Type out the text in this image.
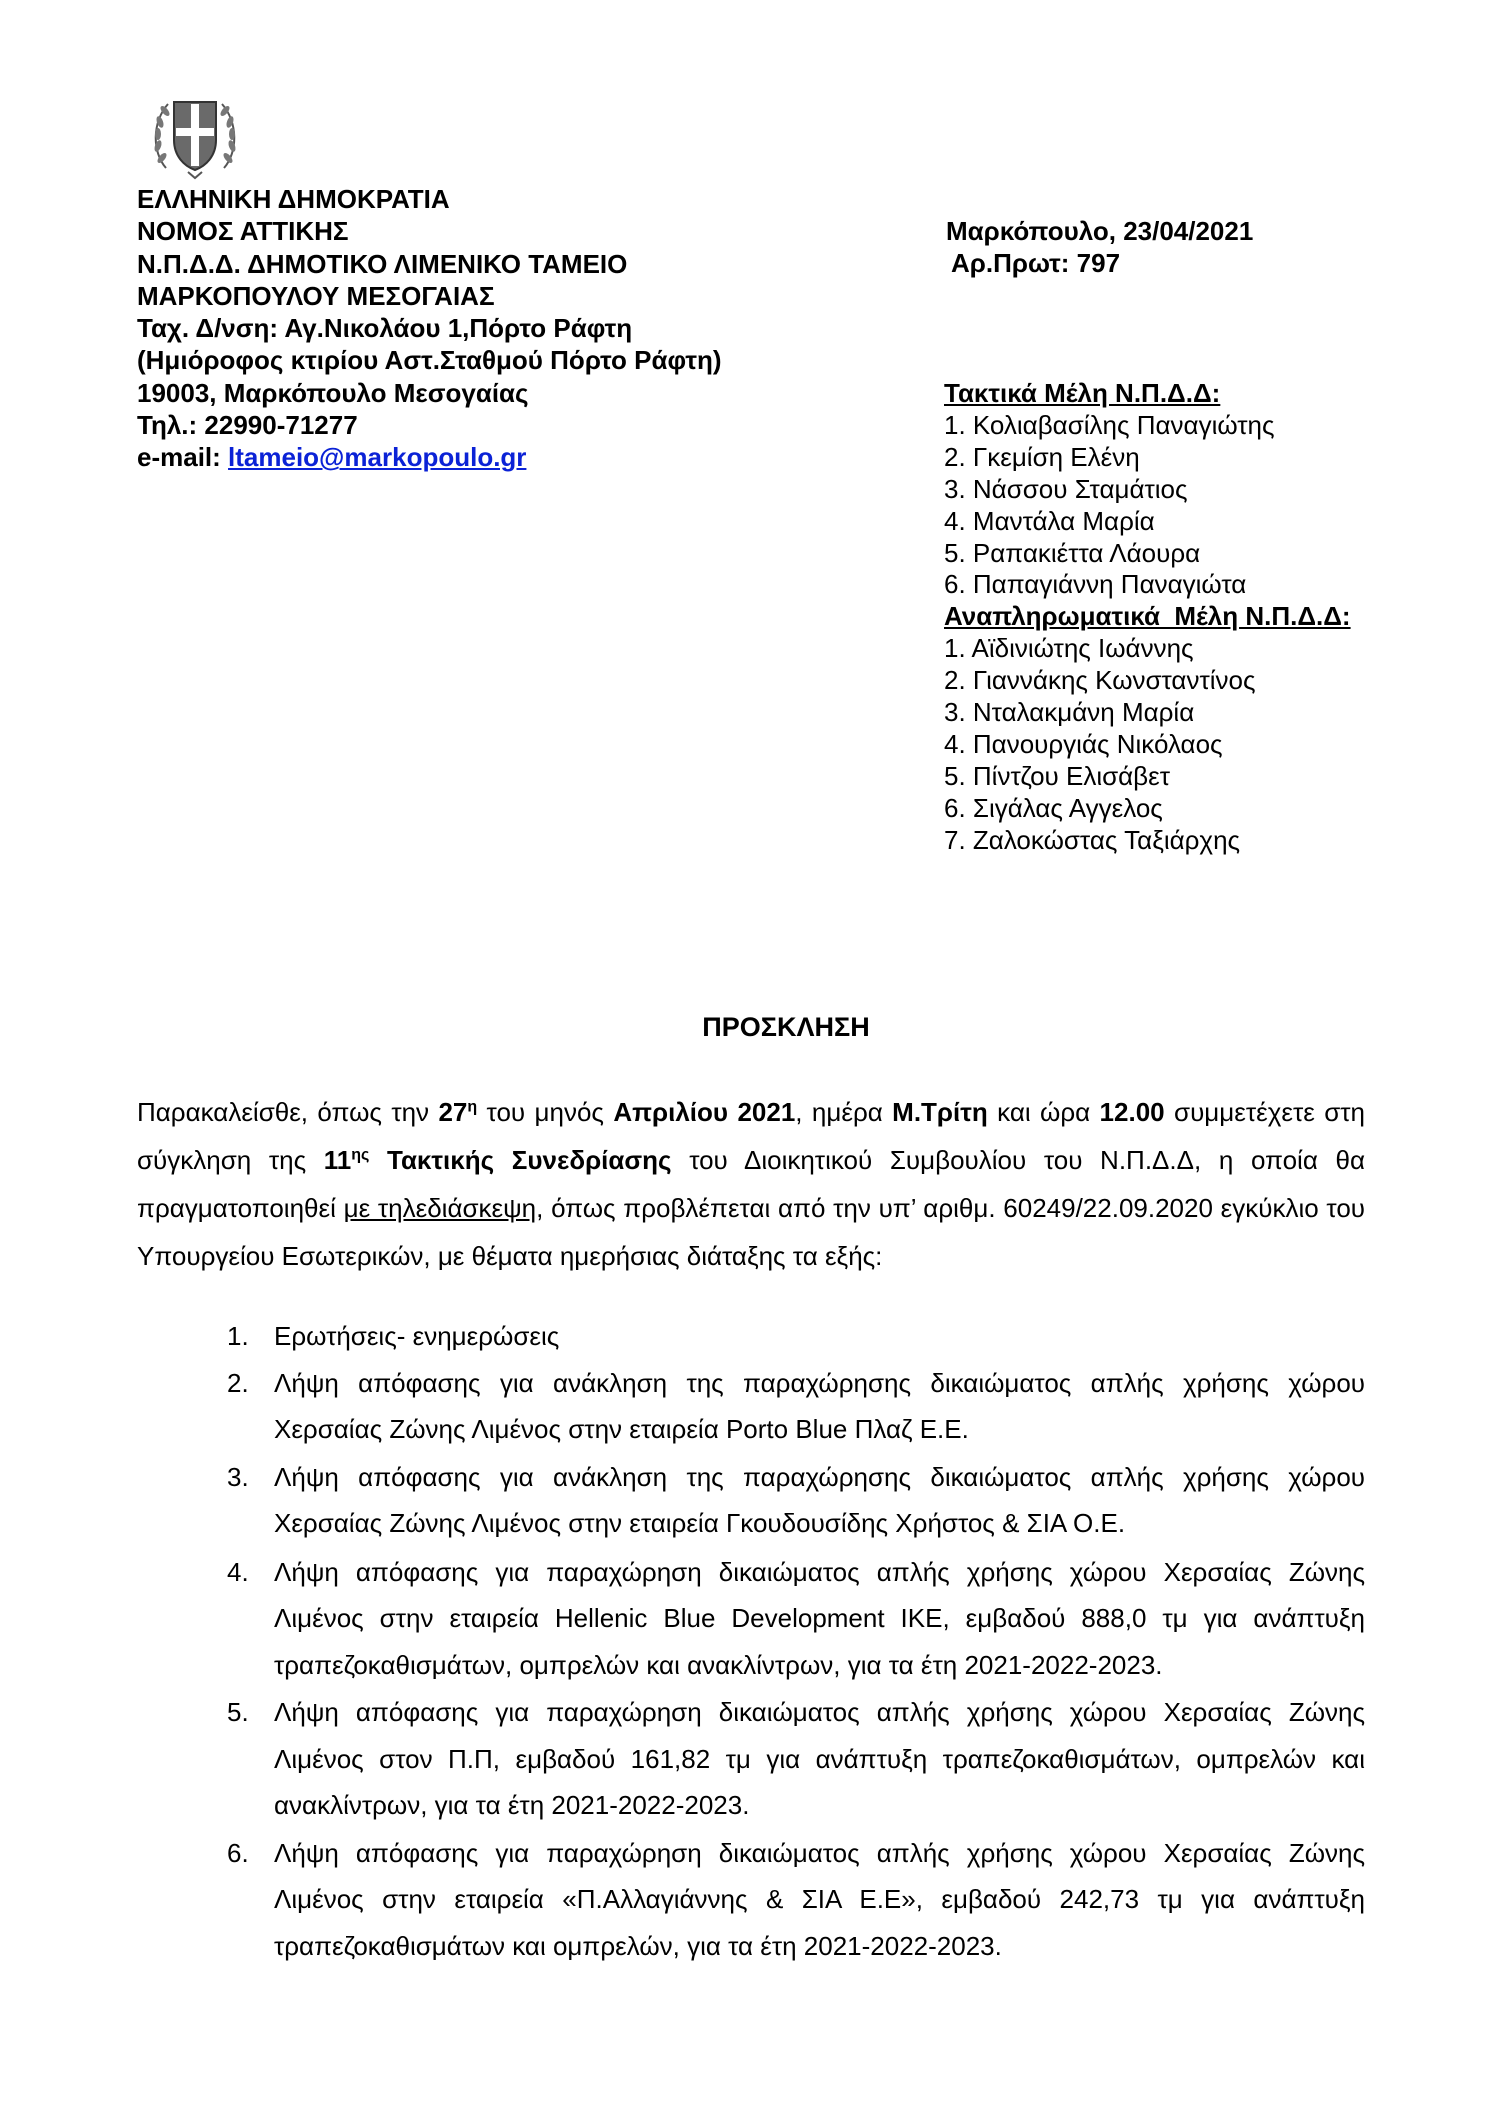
ΕΛΛΗΝΙΚΗ ΔΗΜΟΚΡΑΤΙΑ
ΝΟΜΟΣ ΑΤΤΙΚΗΣ
Ν.Π.Δ.Δ. ΔΗΜΟΤΙΚΟ ΛΙΜΕΝΙΚΟ ΤΑΜΕΙΟ
ΜΑΡΚΟΠΟΥΛΟΥ ΜΕΣΟΓΑΙΑΣ
Ταχ. Δ/νση: Αγ.Νικολάου 1,Πόρτο Ράφτη
(Ημιόροφος κτιρίου Αστ.Σταθμού Πόρτο Ράφτη)
19003, Μαρκόπουλο Μεσογαίας
Τηλ.: 22990-71277
e-mail: ltameio@markopoulo.gr
Μαρκόπουλο, 23/04/2021
Αρ.Πρωτ: 797
Τακτικά Μέλη Ν.Π.Δ.Δ:
1. Κολιαβασίλης Παναγιώτης
2. Γκεμίση Ελένη
3. Νάσσου Σταμάτιος
4. Μαντάλα Μαρία
5. Ραπακιέττα Λάουρα
6. Παπαγιάννη Παναγιώτα
Αναπληρωματικά  Μέλη Ν.Π.Δ.Δ:
1. Αϊδινιώτης Ιωάννης
2. Γιαννάκης Κωνσταντίνος
3. Νταλακμάνη Μαρία
4. Πανουργιάς Νικόλαος
5. Πίντζου Ελισάβετ
6. Σιγάλας Αγγελος
7. Ζαλοκώστας Ταξιάρχης
ΠΡΟΣΚΛΗΣΗ
Παρακαλείσθε, όπως την $27^\eta$ του μηνός Απριλίου 2021, ημέρα Μ.Τρίτη και ώρα 12.00 συμμετέχετε στη σύγκληση της $11^{\eta\varsigma}$ Τακτικής Συνεδρίασης του Διοικητικού Συμβουλίου του Ν.Π.Δ.Δ, η οποία θα πραγματοποιηθεί με τηλεδιάσκεψη, όπως προβλέπεται από την υπ’ αριθμ. 60249/22.09.2020 εγκύκλιο του Υπουργείου Εσωτερικών, με θέματα ημερήσιας διάταξης τα εξής:
1. Ερωτήσεις- ενημερώσεις
2. Λήψη απόφασης για ανάκληση της παραχώρησης δικαιώματος απλής χρήσης χώρου Χερσαίας Ζώνης Λιμένος στην εταιρεία Porto Blue Πλαζ Ε.Ε.
3. Λήψη απόφασης για ανάκληση της παραχώρησης δικαιώματος απλής χρήσης χώρου Χερσαίας Ζώνης Λιμένος στην εταιρεία Γκουδουσίδης Χρήστος & ΣΙΑ Ο.Ε.
4. Λήψη απόφασης για παραχώρηση δικαιώματος απλής χρήσης χώρου Χερσαίας Ζώνης Λιμένος στην εταιρεία Hellenic Blue Development IKE, εμβαδού 888,0 τμ για ανάπτυξη τραπεζοκαθισμάτων, ομπρελών και ανακλίντρων, για τα έτη 2021-2022-2023.
5. Λήψη απόφασης για παραχώρηση δικαιώματος απλής χρήσης χώρου Χερσαίας Ζώνης Λιμένος στον Π.Π, εμβαδού 161,82 τμ για ανάπτυξη τραπεζοκαθισμάτων, ομπρελών και ανακλίντρων, για τα έτη 2021-2022-2023.
6. Λήψη απόφασης για παραχώρηση δικαιώματος απλής χρήσης χώρου Χερσαίας Ζώνης Λιμένος στην εταιρεία «Π.Αλλαγιάννης & ΣΙΑ Ε.Ε», εμβαδού 242,73 τμ για ανάπτυξη τραπεζοκαθισμάτων και ομπρελών, για τα έτη 2021-2022-2023.
